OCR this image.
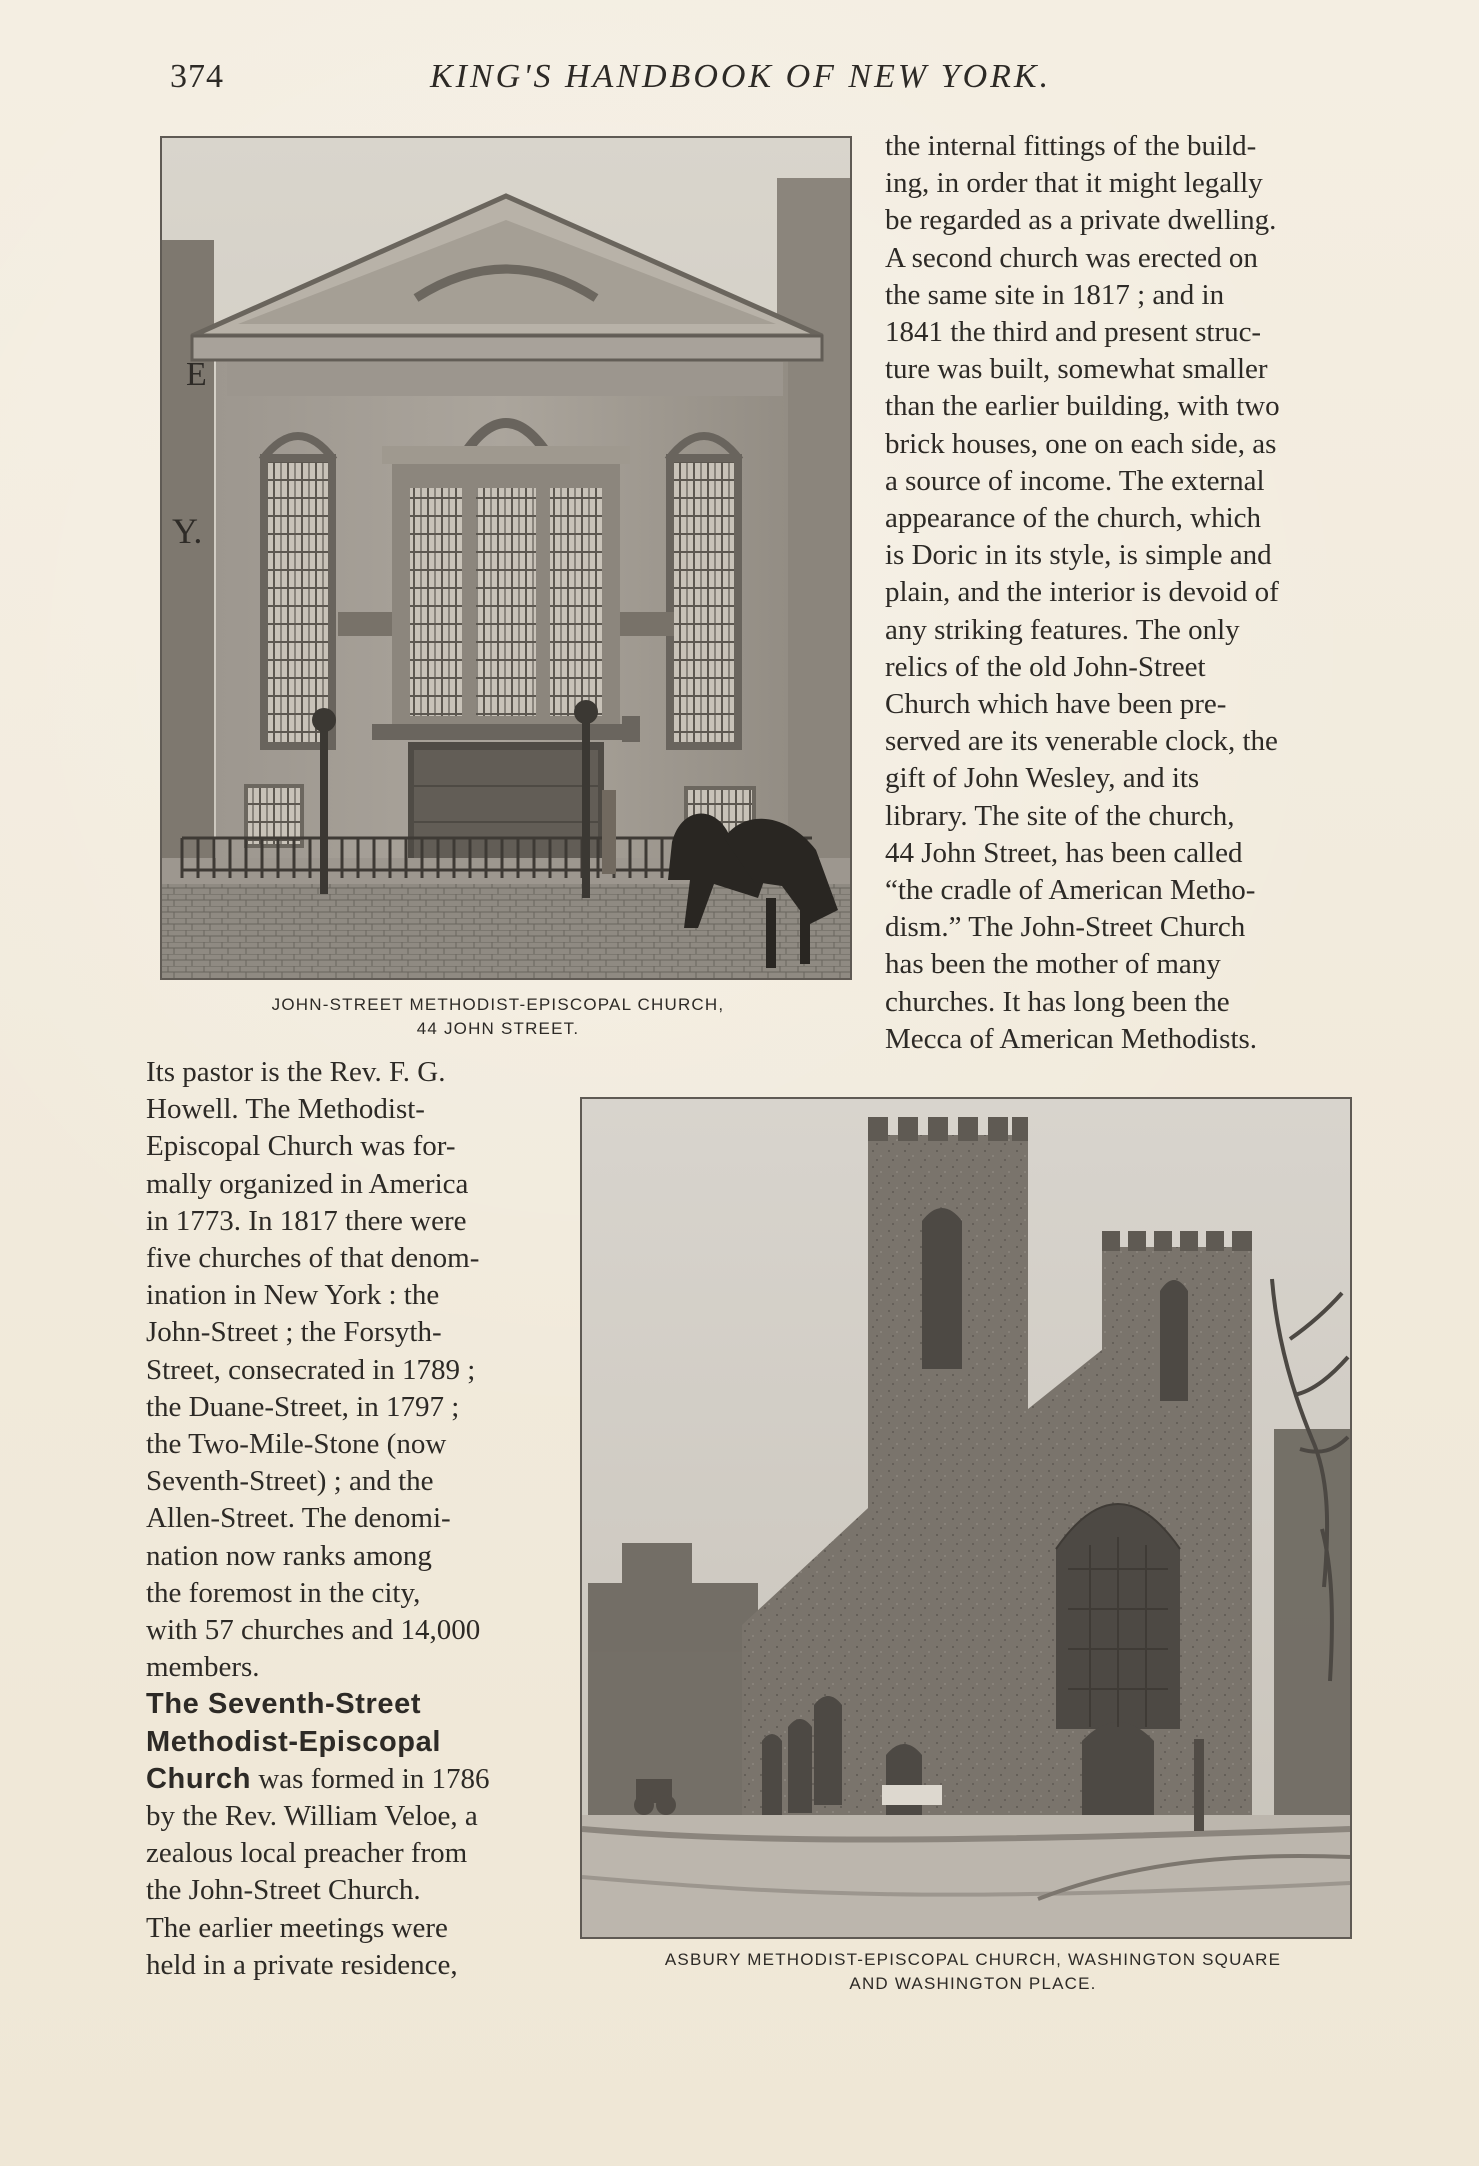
374	KING'S HANDBOOK OF NEW YORK.
E
Y.
JOHN-STREET METHODIST-EPISCOPAL CHURCH,
44 JOHN STREET.
the internal fittings of the build-
ing, in order that it might legally
be regarded as a private dwelling.
A second church was erected on
the same site in 1817 ; and in
1841 the third and present struc-
ture was built, somewhat smaller
than the earlier building, with two
brick houses, one on each side, as
a source of income. The external
appearance of the church, which
is Doric in its style, is simple and
plain, and the interior is devoid of
any striking features. The only
relics of the old John-Street
Church which have been pre-
served are its venerable clock, the
gift of John Wesley, and its
library. The site of the church,
44 John Street, has been called
“the cradle of American Metho-
dism.” The John-Street Church
has been the mother of many
churches. It has long been the
Mecca of American Methodists.
ASBURY METHODIST-EPISCOPAL CHURCH, WASHINGTON SQUARE
AND WASHINGTON PLACE.
Its pastor is the Rev. F. G.
Howell. The Methodist-
Episcopal Church was for-
mally organized in America
in 1773. In 1817 there were
five churches of that denom-
ination in New York : the
John-Street ; the Forsyth-
Street, consecrated in 1789 ;
the Duane-Street, in 1797 ;
the Two-Mile-Stone (now
Seventh-Street) ; and the
Allen-Street. The denomi-
nation now ranks among
the foremost in the city,
with 57 churches and 14,000
members.
The Seventh-Street
Methodist-Episcopal
Church was formed in 1786
by the Rev. William Veloe, a
zealous local preacher from
the John-Street Church.
The earlier meetings were
held in a private residence,
